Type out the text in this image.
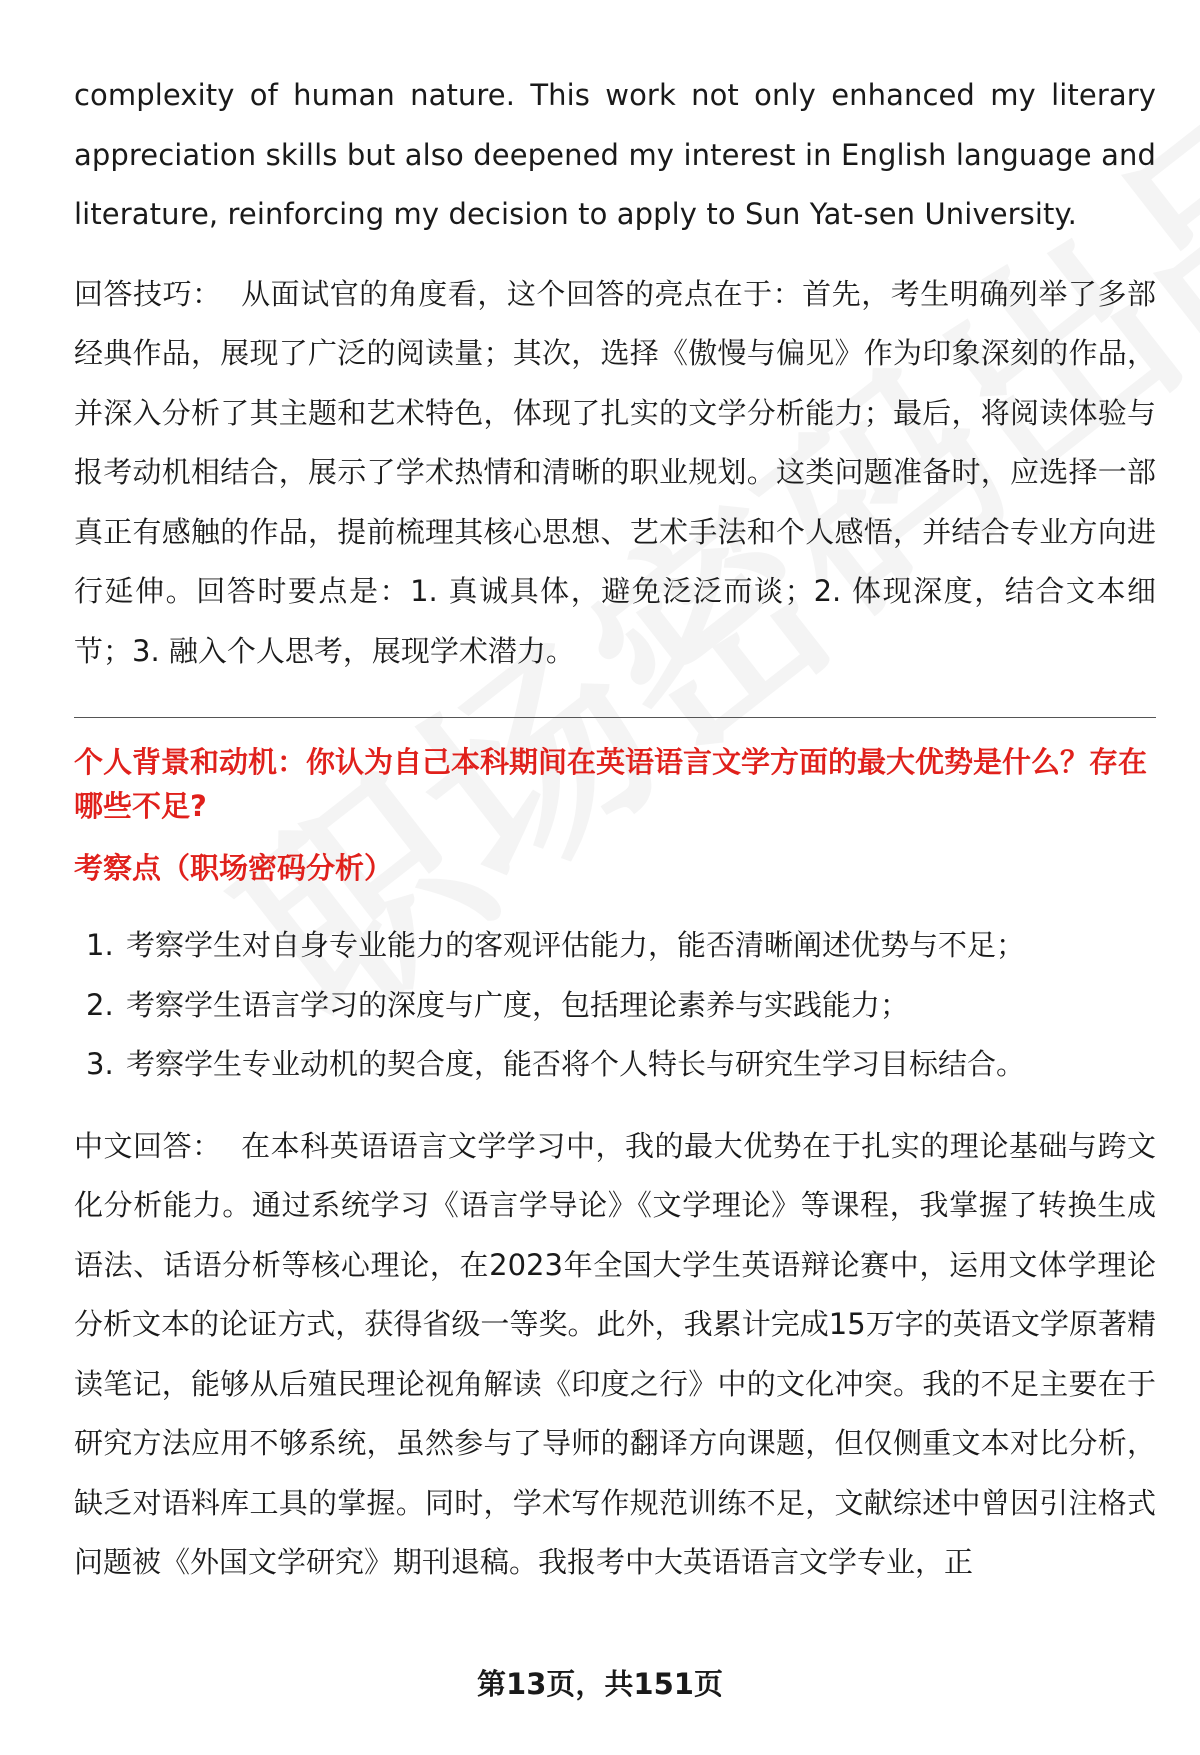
complexity of human nature. This work not only enhanced my literary appreciation skills but also deepened my interest in English language and literature, reinforcing my decision to apply to Sun Yat-sen University.

回答技巧： 从面试官的角度看，这个回答的亮点在于：首先，考生明确列举了多部经典作品，展现了广泛的阅读量；其次，选择《傲慢与偏见》作为印象深刻的作品，并深入分析了其主题和艺术特色，体现了扎实的文学分析能力；最后，将阅读体验与报考动机相结合，展示了学术热情和清晰的职业规划。这类问题准备时，应选择一部真正有感触的作品，提前梳理其核心思想、艺术手法和个人感悟，并结合专业方向进行延伸。回答时要点是：1. 真诚具体，避免泛泛而谈；2. 体现深度，结合文本细节；3. 融入个人思考，展现学术潜力。

个人背景和动机：你认为自己本科期间在英语语言文学方面的最大优势是什么？存在哪些不足?
考察点（职场密码分析）
1. 考察学生对自身专业能力的客观评估能力，能否清晰阐述优势与不足；
2. 考察学生语言学习的深度与广度，包括理论素养与实践能力；
3. 考察学生专业动机的契合度，能否将个人特长与研究生学习目标结合。

中文回答： 在本科英语语言文学学习中，我的最大优势在于扎实的理论基础与跨文化分析能力。通过系统学习《语言学导论》《文学理论》等课程，我掌握了转换生成语法、话语分析等核心理论，在2023年全国大学生英语辩论赛中，运用文体学理论分析文本的论证方式，获得省级一等奖。此外，我累计完成15万字的英语文学原著精读笔记，能够从后殖民理论视角解读《印度之行》中的文化冲突。我的不足主要在于研究方法应用不够系统，虽然参与了导师的翻译方向课题，但仅侧重文本对比分析，缺乏对语料库工具的掌握。同时，学术写作规范训练不足，文献综述中曾因引注格式问题被《外国文学研究》期刊退稿。我报考中大英语语言文学专业，正

第13页，共151页
